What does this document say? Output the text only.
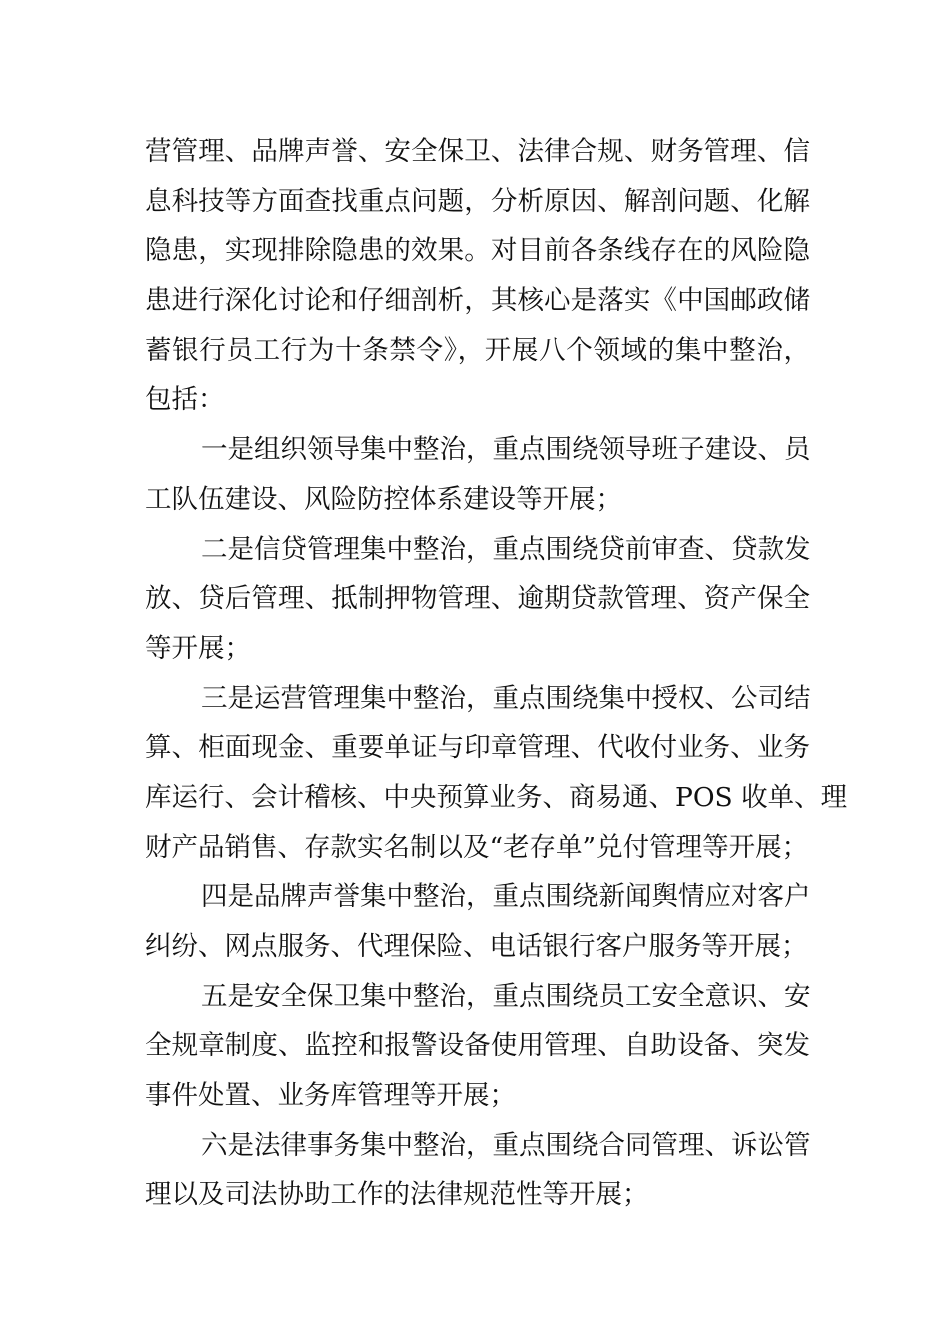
营管理、品牌声誉、安全保卫、法律合规、财务管理、信
息科技等方面查找重点问题，分析原因、解剖问题、化解
隐患，实现排除隐患的效果。对目前各条线存在的风险隐
患进行深化讨论和仔细剖析，其核心是落实《中国邮政储
蓄银行员工行为十条禁令》，开展八个领域的集中整治，
包括：
一是组织领导集中整治，重点围绕领导班子建设、员
工队伍建设、风险防控体系建设等开展；
二是信贷管理集中整治，重点围绕贷前审查、贷款发
放、贷后管理、抵制押物管理、逾期贷款管理、资产保全
等开展；
三是运营管理集中整治，重点围绕集中授权、公司结
算、柜面现金、重要单证与印章管理、代收付业务、业务
库运行、会计稽核、中央预算业务、商易通、POS 收单、理
财产品销售、存款实名制以及“老存单”兑付管理等开展；
四是品牌声誉集中整治，重点围绕新闻舆情应对客户
纠纷、网点服务、代理保险、电话银行客户服务等开展；
五是安全保卫集中整治，重点围绕员工安全意识、安
全规章制度、监控和报警设备使用管理、自助设备、突发
事件处置、业务库管理等开展；
六是法律事务集中整治，重点围绕合同管理、诉讼管
理以及司法协助工作的法律规范性等开展；
